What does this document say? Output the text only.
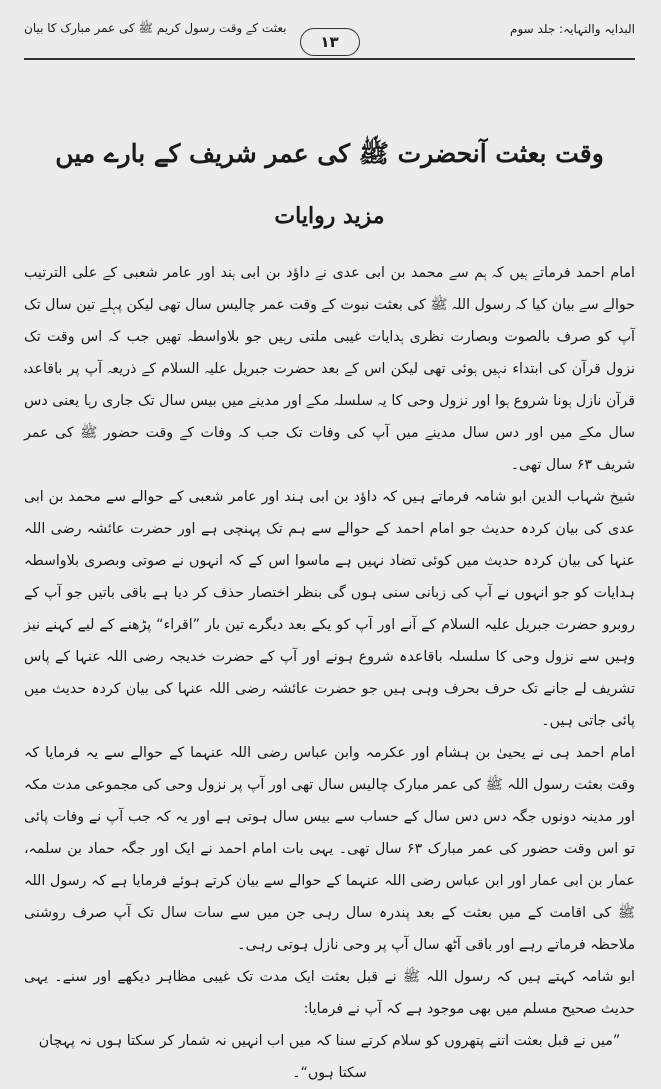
البدایہ والنہایہ: جلد سوم
بعثت کے وقت رسول کریم ﷺ کی عمر مبارک کا بیان
۱۳
وقت بعثت آنحضرت ﷺ کی عمر شریف کے بارے میں
مزید روایات

امام احمد فرماتے ہیں کہ ہم سے محمد بن ابی عدی نے داؤد بن ابی ہند اور عامر شعبی کے علی الترتیب حوالے سے بیان کیا کہ رسول اللہ ﷺ کی بعثت نبوت کے وقت عمر چالیس سال تھی لیکن پہلے تین سال تک آپ کو صرف بالصوت وبصارت نظری ہدایات غیبی ملتی رہیں جو بلاواسطہ تھیں جب کہ اس وقت تک نزول قرآن کی ابتداء نہیں ہوئی تھی لیکن اس کے بعد حضرت جبریل علیہ السلام کے ذریعہ آپ پر باقاعدہ قرآن نازل ہونا شروع ہوا اور نزول وحی کا یہ سلسلہ مکے اور مدینے میں بیس سال تک جاری رہا یعنی دس سال مکے میں اور دس سال مدینے میں آپ کی وفات تک جب کہ وفات کے وقت حضور ﷺ کی عمر شریف ۶۳ سال تھی۔

شیخ شہاب الدین ابو شامہ فرماتے ہیں کہ داؤد بن ابی ہند اور عامر شعبی کے حوالے سے محمد بن ابی عدی کی بیان کردہ حدیث جو امام احمد کے حوالے سے ہم تک پہنچی ہے اور حضرت عائشہ رضی اللہ عنہا کی بیان کردہ حدیث میں کوئی تضاد نہیں ہے ماسوا اس کے کہ انہوں نے صوتی وبصری بلاواسطہ ہدایات کو جو انہوں نے آپ کی زبانی سنی ہوں گی بنظر اختصار حذف کر دیا ہے باقی باتیں جو آپ کے روبرو حضرت جبریل علیہ السلام کے آنے اور آپ کو یکے بعد دیگرے تین بار ”اقراء“ پڑھنے کے لیے کہنے نیز وہیں سے نزول وحی کا سلسلہ باقاعدہ شروع ہونے اور آپ کے حضرت خدیجہ رضی اللہ عنہا کے پاس تشریف لے جانے تک حرف بحرف وہی ہیں جو حضرت عائشہ رضی اللہ عنہا کی بیان کردہ حدیث میں پائی جاتی ہیں۔

امام احمد ہی نے یحییٰ بن ہشام اور عکرمہ وابن عباس رضی اللہ عنہما کے حوالے سے یہ فرمایا کہ وقت بعثت رسول اللہ ﷺ کی عمر مبارک چالیس سال تھی اور آپ پر نزول وحی کی مجموعی مدت مکہ اور مدینہ دونوں جگہ دس دس سال کے حساب سے بیس سال ہوتی ہے اور یہ کہ جب آپ نے وفات پائی تو اس وقت حضور کی عمر مبارک ۶۳ سال تھی۔ یہی بات امام احمد نے ایک اور جگہ حماد بن سلمہ، عمار بن ابی عمار اور ابن عباس رضی اللہ عنہما کے حوالے سے بیان کرتے ہوئے فرمایا ہے کہ رسول اللہ ﷺ کی اقامت کے میں بعثت کے بعد پندرہ سال رہی جن میں سے سات سال تک آپ صرف روشنی ملاحظہ فرماتے رہے اور باقی آٹھ سال آپ پر وحی نازل ہوتی رہی۔

ابو شامہ کہتے ہیں کہ رسول اللہ ﷺ نے قبل بعثت ایک مدت تک غیبی مظاہر دیکھے اور سنے۔ یہی حدیث صحیح مسلم میں بھی موجود ہے کہ آپ نے فرمایا:

”میں نے قبل بعثت اتنے پتھروں کو سلام کرتے سنا کہ میں اب انہیں نہ شمار کر سکتا ہوں نہ پہچان سکتا ہوں“۔
